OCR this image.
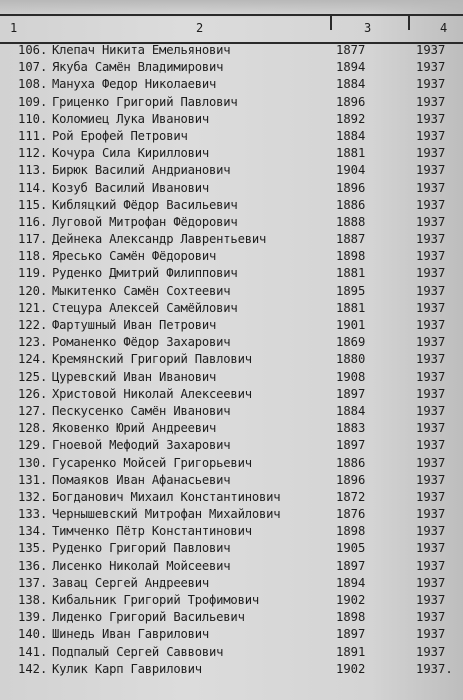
1	2	3	4
106. Клепач Никита Емельянович	1877	1937
107. Якуба Самён Владимирович	1894	1937
108. Мануха Федор Николаевич	1884	1937
109. Гриценко Григорий Павлович	1896	1937
110. Коломиец Лука Иванович	1892	1937
111. Рой Ерофей Петрович	1884	1937
112. Кочура Сила Кириллович	1881	1937
113. Бирюк Василий Андрианович	1904	1937
114. Козуб Василий Иванович	1896	1937
115. Кибляцкий Фёдор Васильевич	1886	1937
116. Луговой Митрофан Фёдорович	1888	1937
117. Дейнека Александр Лаврентьевич	1887	1937
118. Яресько Самён Фёдорович	1898	1937
119. Руденко Дмитрий Филиппович	1881	1937
120. Мыкитенко Самён Сохтеевич	1895	1937
121. Стецура Алексей Самёйлович	1881	1937
122. Фартушный Иван Петрович	1901	1937
123. Романенко Фёдор Захарович	1869	1937
124. Кремянский Григорий Павлович	1880	1937
125. Цуревский Иван Иванович	1908	1937
126. Христовой Николай Алексеевич	1897	1937
127. Пескусенко Самён Иванович	1884	1937
128. Яковенко Юрий Андреевич	1883	1937
129. Гноевой Мефодий Захарович	1897	1937
130. Гусаренко Мойсей Григорьевич	1886	1937
131. Помаяков Иван Афанасьевич	1896	1937
132. Богданович Михаил Константинович	1872	1937
133. Чернышевский Митрофан Михайлович	1876	1937
134. Тимченко Пётр Константинович	1898	1937
135. Руденко Григорий Павлович	1905	1937
136. Лисенко Николай Мойсеевич	1897	1937
137. Завац Сергей Андреевич	1894	1937
138. Кибальник Григорий Трофимович	1902	1937
139. Лиденко Григорий Васильевич	1898	1937
140. Шинедь Иван Гаврилович	1897	1937
141. Подпалый Сергей Саввович	1891	1937
142. Кулик Карп Гаврилович	1902	1937.
